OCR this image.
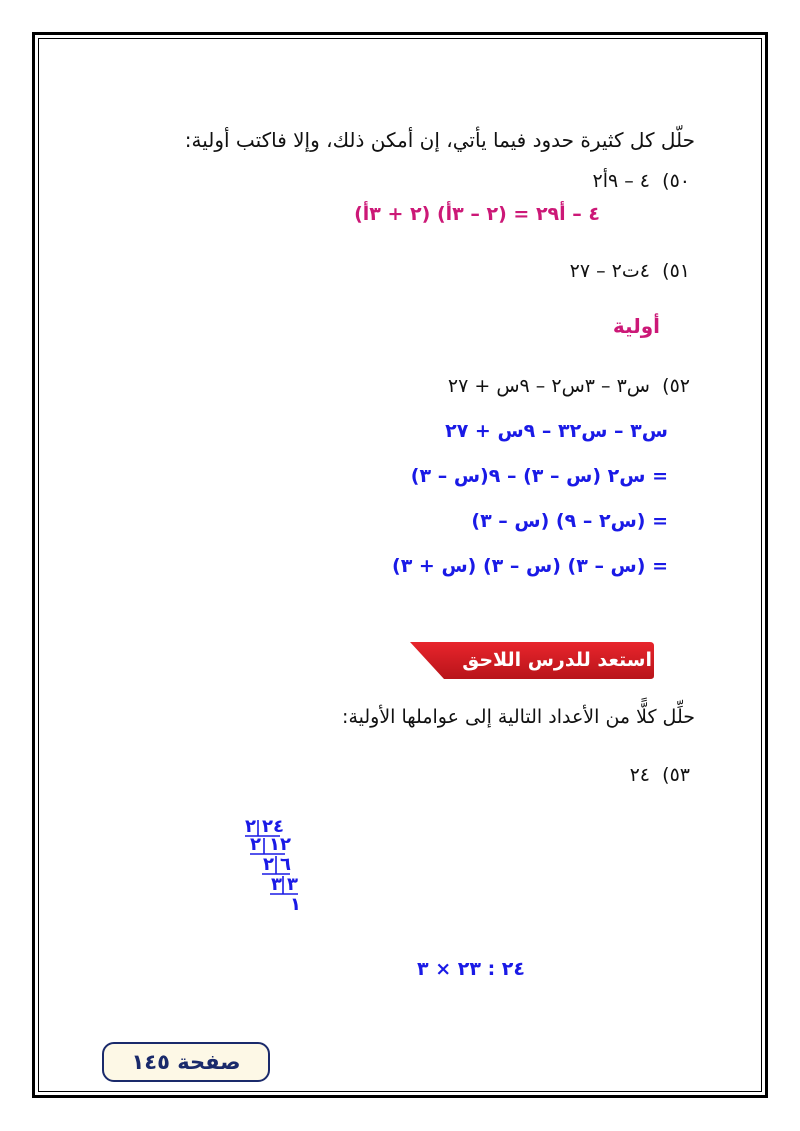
حلّل كل كثيرة حدود فيما يأتي، إن أمكن ذلك، وإلا فاكتب أولية:
٥٠)
٤ – ٩أ٢
٤ – أ٢٩ = (٢ – ٣أ) (٢ + ٣أ)
٥١)
٤ت٢ – ٢٧
أولية
٥٢)
س٣ – ٣س٢ – ٩س + ٢٧
س٣ – س٣٢ – ٩س + ٢٧
= س٢ (س – ٣) – ٩(س – ٣)
= (س٢ – ٩) (س – ٣)
= (س – ٣) (س – ٣) (س + ٣)
استعد للدرس اللاحق
حلِّل كلًّا من الأعداد التالية إلى عواملها الأولية:
٥٣)
٢٤
٢٤
٢
١٢
٢
٦
٢
٣
٣
١
٢٤ : ٢٣ × ٣
صفحة ١٤٥
